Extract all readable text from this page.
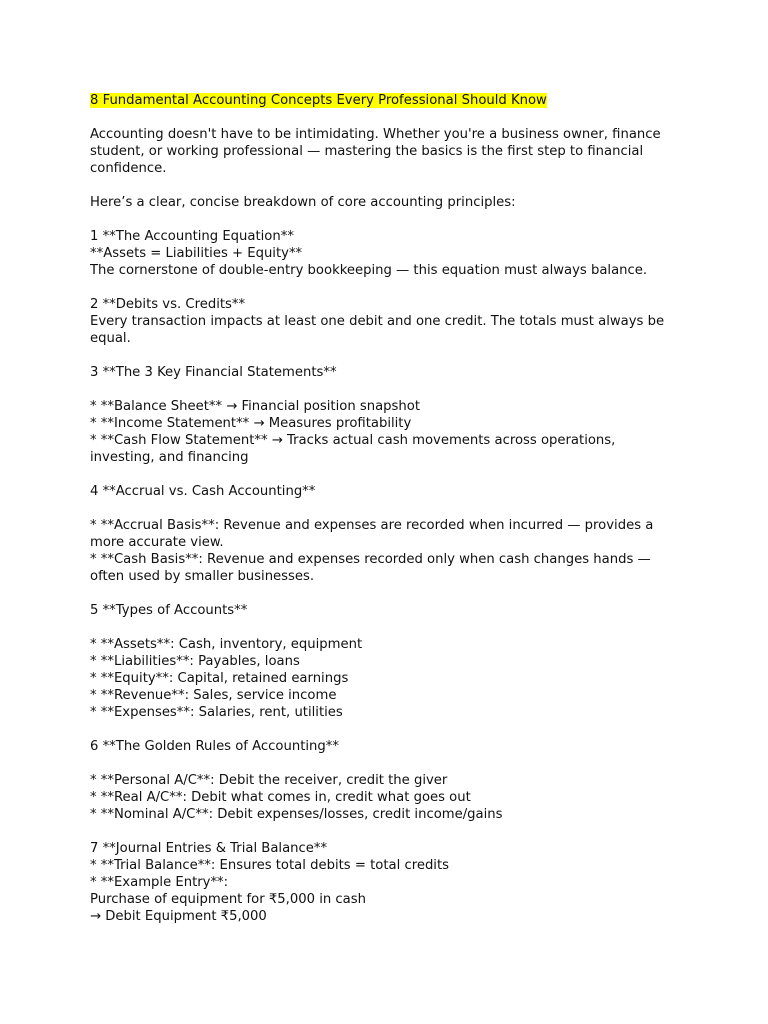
8 Fundamental Accounting Concepts Every Professional Should Know

Accounting doesn't have to be intimidating. Whether you're a business owner, finance student, or working professional — mastering the basics is the first step to financial confidence.

Here’s a clear, concise breakdown of core accounting principles:

1 **The Accounting Equation**

**Assets = Liabilities + Equity**

The cornerstone of double-entry bookkeeping — this equation must always balance.

2 **Debits vs. Credits**

Every transaction impacts at least one debit and one credit. The totals must always be equal.

3 **The 3 Key Financial Statements**

* **Balance Sheet** → Financial position snapshot

* **Income Statement** → Measures profitability

* **Cash Flow Statement** → Tracks actual cash movements across operations, investing, and financing

4 **Accrual vs. Cash Accounting**

* **Accrual Basis**: Revenue and expenses are recorded when incurred — provides a more accurate view.

* **Cash Basis**: Revenue and expenses recorded only when cash changes hands — often used by smaller businesses.

5 **Types of Accounts**

* **Assets**: Cash, inventory, equipment

* **Liabilities**: Payables, loans

* **Equity**: Capital, retained earnings

* **Revenue**: Sales, service income

* **Expenses**: Salaries, rent, utilities

6 **The Golden Rules of Accounting**

* **Personal A/C**: Debit the receiver, credit the giver

* **Real A/C**: Debit what comes in, credit what goes out

* **Nominal A/C**: Debit expenses/losses, credit income/gains

7 **Journal Entries & Trial Balance**

* **Trial Balance**: Ensures total debits = total credits

* **Example Entry**:

Purchase of equipment for ₹5,000 in cash

→ Debit Equipment ₹5,000
